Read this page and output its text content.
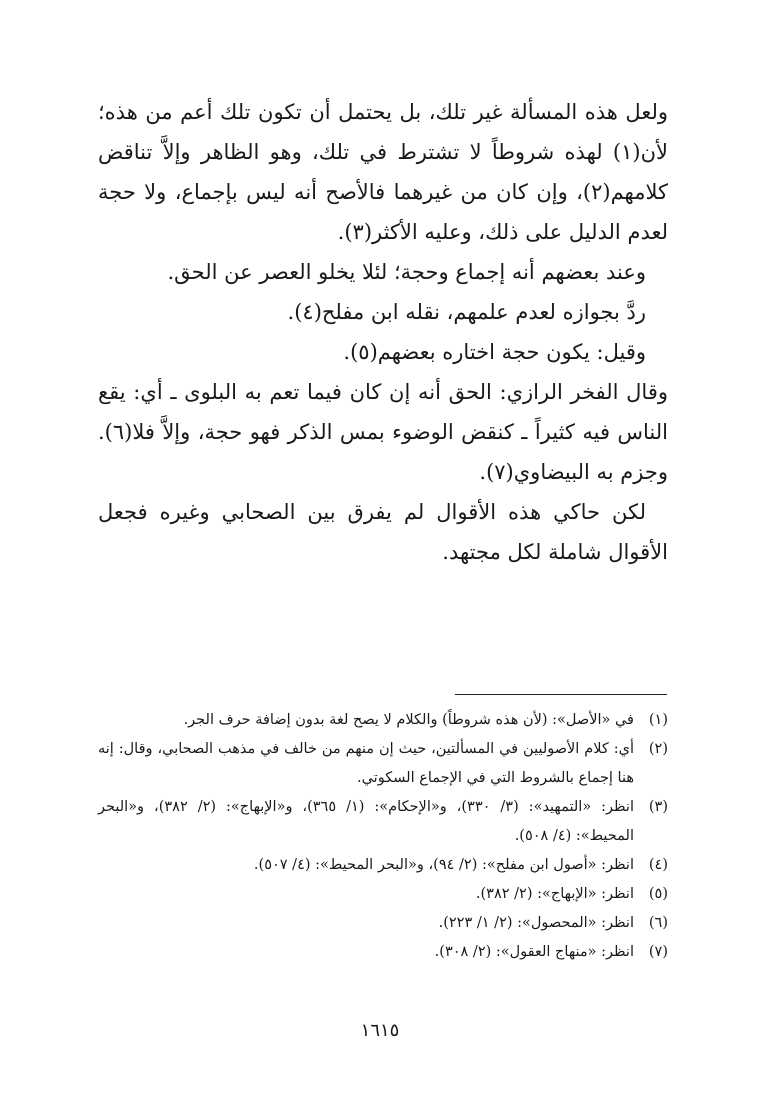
ولعل هذه المسألة غير تلك، بل يحتمل أن تكون تلك أعم من هذه؛ لأن(١) لهذه شروطاً لا تشترط في تلك، وهو الظاهر وإلاَّ تناقض كلامهم(٢)، وإن كان من غيرهما فالأصح أنه ليس بإجماع، ولا حجة لعدم الدليل على ذلك، وعليه الأكثر(٣).

وعند بعضهم أنه إجماع وحجة؛ لئلا يخلو العصر عن الحق.

ردَّ بجوازه لعدم علمهم، نقله ابن مفلح(٤).

وقيل: يكون حجة اختاره بعضهم(٥).

وقال الفخر الرازي: الحق أنه إن كان فيما تعم به البلوى ـ أي: يقع الناس فيه كثيراً ـ كنقض الوضوء بمس الذكر فهو حجة، وإلاَّ فلا(٦). وجزم به البيضاوي(٧).

لكن حاكي هذه الأقوال لم يفرق بين الصحابي وغيره فجعل الأقوال شاملة لكل مجتهد.

(١)
في «الأصل»: (لأن هذه شروطاً) والكلام لا يصح لغة بدون إضافة حرف الجر.
(٢)
أي: كلام الأصوليين في المسألتين، حيث إن منهم من خالف في مذهب الصحابي، وقال: إنه هنا إجماع بالشروط التي في الإجماع السكوتي.
(٣)
انظر: «التمهيد»: (٣/ ٣٣٠)، و«الإحكام»: (١/ ٣٦٥)، و«الإبهاج»: (٢/ ٣٨٢)، و«البحر المحيط»: (٤/ ٥٠٨).
(٤)
انظر: «أصول ابن مفلح»: (٢/ ٩٤)، و«البحر المحيط»: (٤/ ٥٠٧).
(٥)
انظر: «الإبهاج»: (٢/ ٣٨٢).
(٦)
انظر: «المحصول»: (٢/ ١/ ٢٢٣).
(٧)
انظر: «منهاج العقول»: (٢/ ٣٠٨).
١٦١٥
